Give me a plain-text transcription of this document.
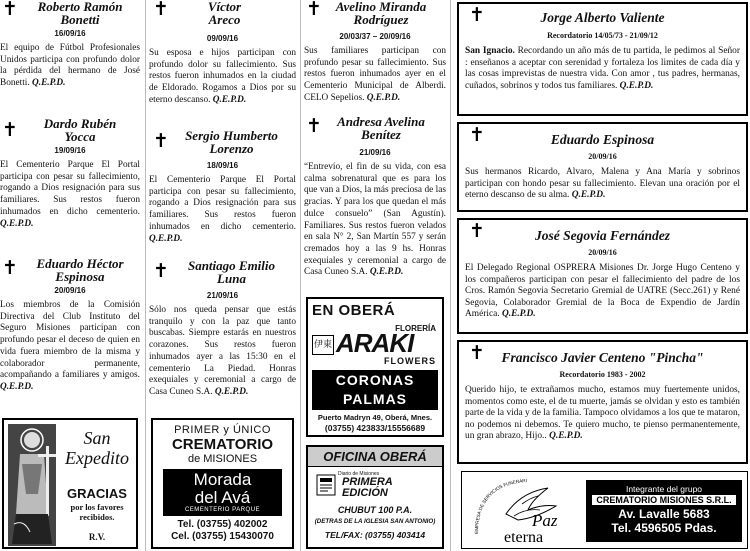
✝	Roberto Ramón
Bonetti
16/09/16
El equipo de Fútbol Profesionales Unidos participa con profundo dolor la pérdida del hermano de José Bonetti. Q.E.P.D.
✝	Dardo Rubén
Yocca
19/09/16
El Cementerio Parque El Portal participa con pesar su fallecimiento, rogando a Dios resignación para sus familiares. Sus restos fueron inhumados en dicho cementerio. Q.E.P.D.
✝	Eduardo Héctor
Espinosa
20/09/16
Los miembros de la Comisión Directiva del Club Instituto del Seguro Misiones participan con profundo pesar el deceso de quien en vida fuera miembro de la misma y colaborador permanente, acompañando a familiares y amigos. Q.E.P.D.
San
Expedito
GRACIAS
por los favores recibidos.
R.V.
✝	Víctor
Areco
09/09/16
Su esposa e hijos participan con profundo dolor su fallecimiento. Sus restos fueron inhumados en la ciudad de Eldorado. Rogamos a Dios por su eterno descanso. Q.E.P.D.
✝	Sergio Humberto
Lorenzo
18/09/16
El Cementerio Parque El Portal participa con pesar su fallecimiento, rogando a Dios resignación para sus familiares. Sus restos fueron inhumados en dicho cementerio. Q.E.P.D.
✝	Santiago Emilio
Luna
21/09/16
Sólo nos queda pensar que estás tranquilo y con la paz que tanto buscabas. Siempre estarás en nuestros corazones. Sus restos fueron inhumados ayer a las 15:30 en el cementerio La Piedad. Honras exequiales y ceremonial a cargo de Casa Cuneo S.A. Q.E.P.D.
PRIMER y ÚNICO
CREMATORIO
de MISIONES
Morada
del Avá
CEMENTERIO PARQUE
Tel. (03755) 402002
Cel. (03755) 15430070
✝	Avelino Miranda
Rodríguez
20/03/37 – 20/09/16
Sus familiares participan con profundo pesar su fallecimiento. Sus restos fueron inhumados ayer en el Cementerio Municipal de Alberdi. CELO Sepelios. Q.E.P.D.
✝	Andresa Avelina
Benítez
21/09/16
“Entrevío, el fin de su vida, con esa calma sobrenatural que es para los que van a Dios, la más preciosa de las gracias. Y para los que quedan el más dulce consuelo” (San Agustín). Familiares. Sus restos fueron velados en sala N° 2, San Martín 557 y serán cremados hoy a las 9 hs. Honras exequiales y ceremonial a cargo de Casa Cuneo S.A. Q.E.P.D.
EN OBERÁ
FLORERÍA
伊東 ARAKI
FLOWERS
CORONAS
PALMAS
Puerto Madryn 49, Oberá, Mnes.
(03755) 423833/15556689
OFICINA OBERÁ
Diario de Misiones
PRIMERA
EDICIÓN
CHUBUT 100 P.A.
(DETRAS DE LA IGLESIA SAN ANTONIO)
TEL/FAX: (03755) 403414
✝	Jorge Alberto Valiente
Recordatorio 14/05/73 - 21/09/12
San Ignacio. Recordando un año más de tu partida, le pedimos al Señor : enseñanos a aceptar con serenidad y fortaleza los limites de cada día y las cosas imprevistas de nuestra vida. Con amor , tus padres, hermanas, cuñados, sobrinos y todos tus familiares. Q.E.P.D.
✝	Eduardo Espinosa
20/09/16
Sus hermanos Ricardo, Alvaro, Malena y Ana María y sobrinos participan con hondo pesar su fallecimiento. Elevan una oración por el eterno descanso de su alma. Q.E.P.D.
✝	José Segovia Fernández
20/09/16
El Delegado Regional OSPRERA Misiones Dr. Jorge Hugo Centeno y los compañeros participan con pesar el fallecimiento del padre de los Cros. Ramón Segovia Secretario Gremial de UATRE (Secc.261) y René Segovia, Colaborador Gremial de la Boca de Expendio de Jardín América. Q.E.P.D.
✝	Francisco Javier Centeno "Pincha"
Recordatorio 1983 - 2002
Querido hijo, te extrañamos mucho, estamos muy fuertemente unidos, momentos como este, el de tu muerte, jamás se olvidan y esto es también parte de la vida y de la familia. Tampoco olvidamos a los que te mataron, no podemos ni debemos. Te quiero mucho, te pienso permanentemente, un gran abrazo, Hijo.. Q.E.P.D.
EMPRESA DE SERVICIOS FUNERARI
Paz
eterna
Integrante del grupo
CREMATORIO MISIONES S.R.L.
Av. Lavalle 5683
Tel. 4596505 Pdas.
